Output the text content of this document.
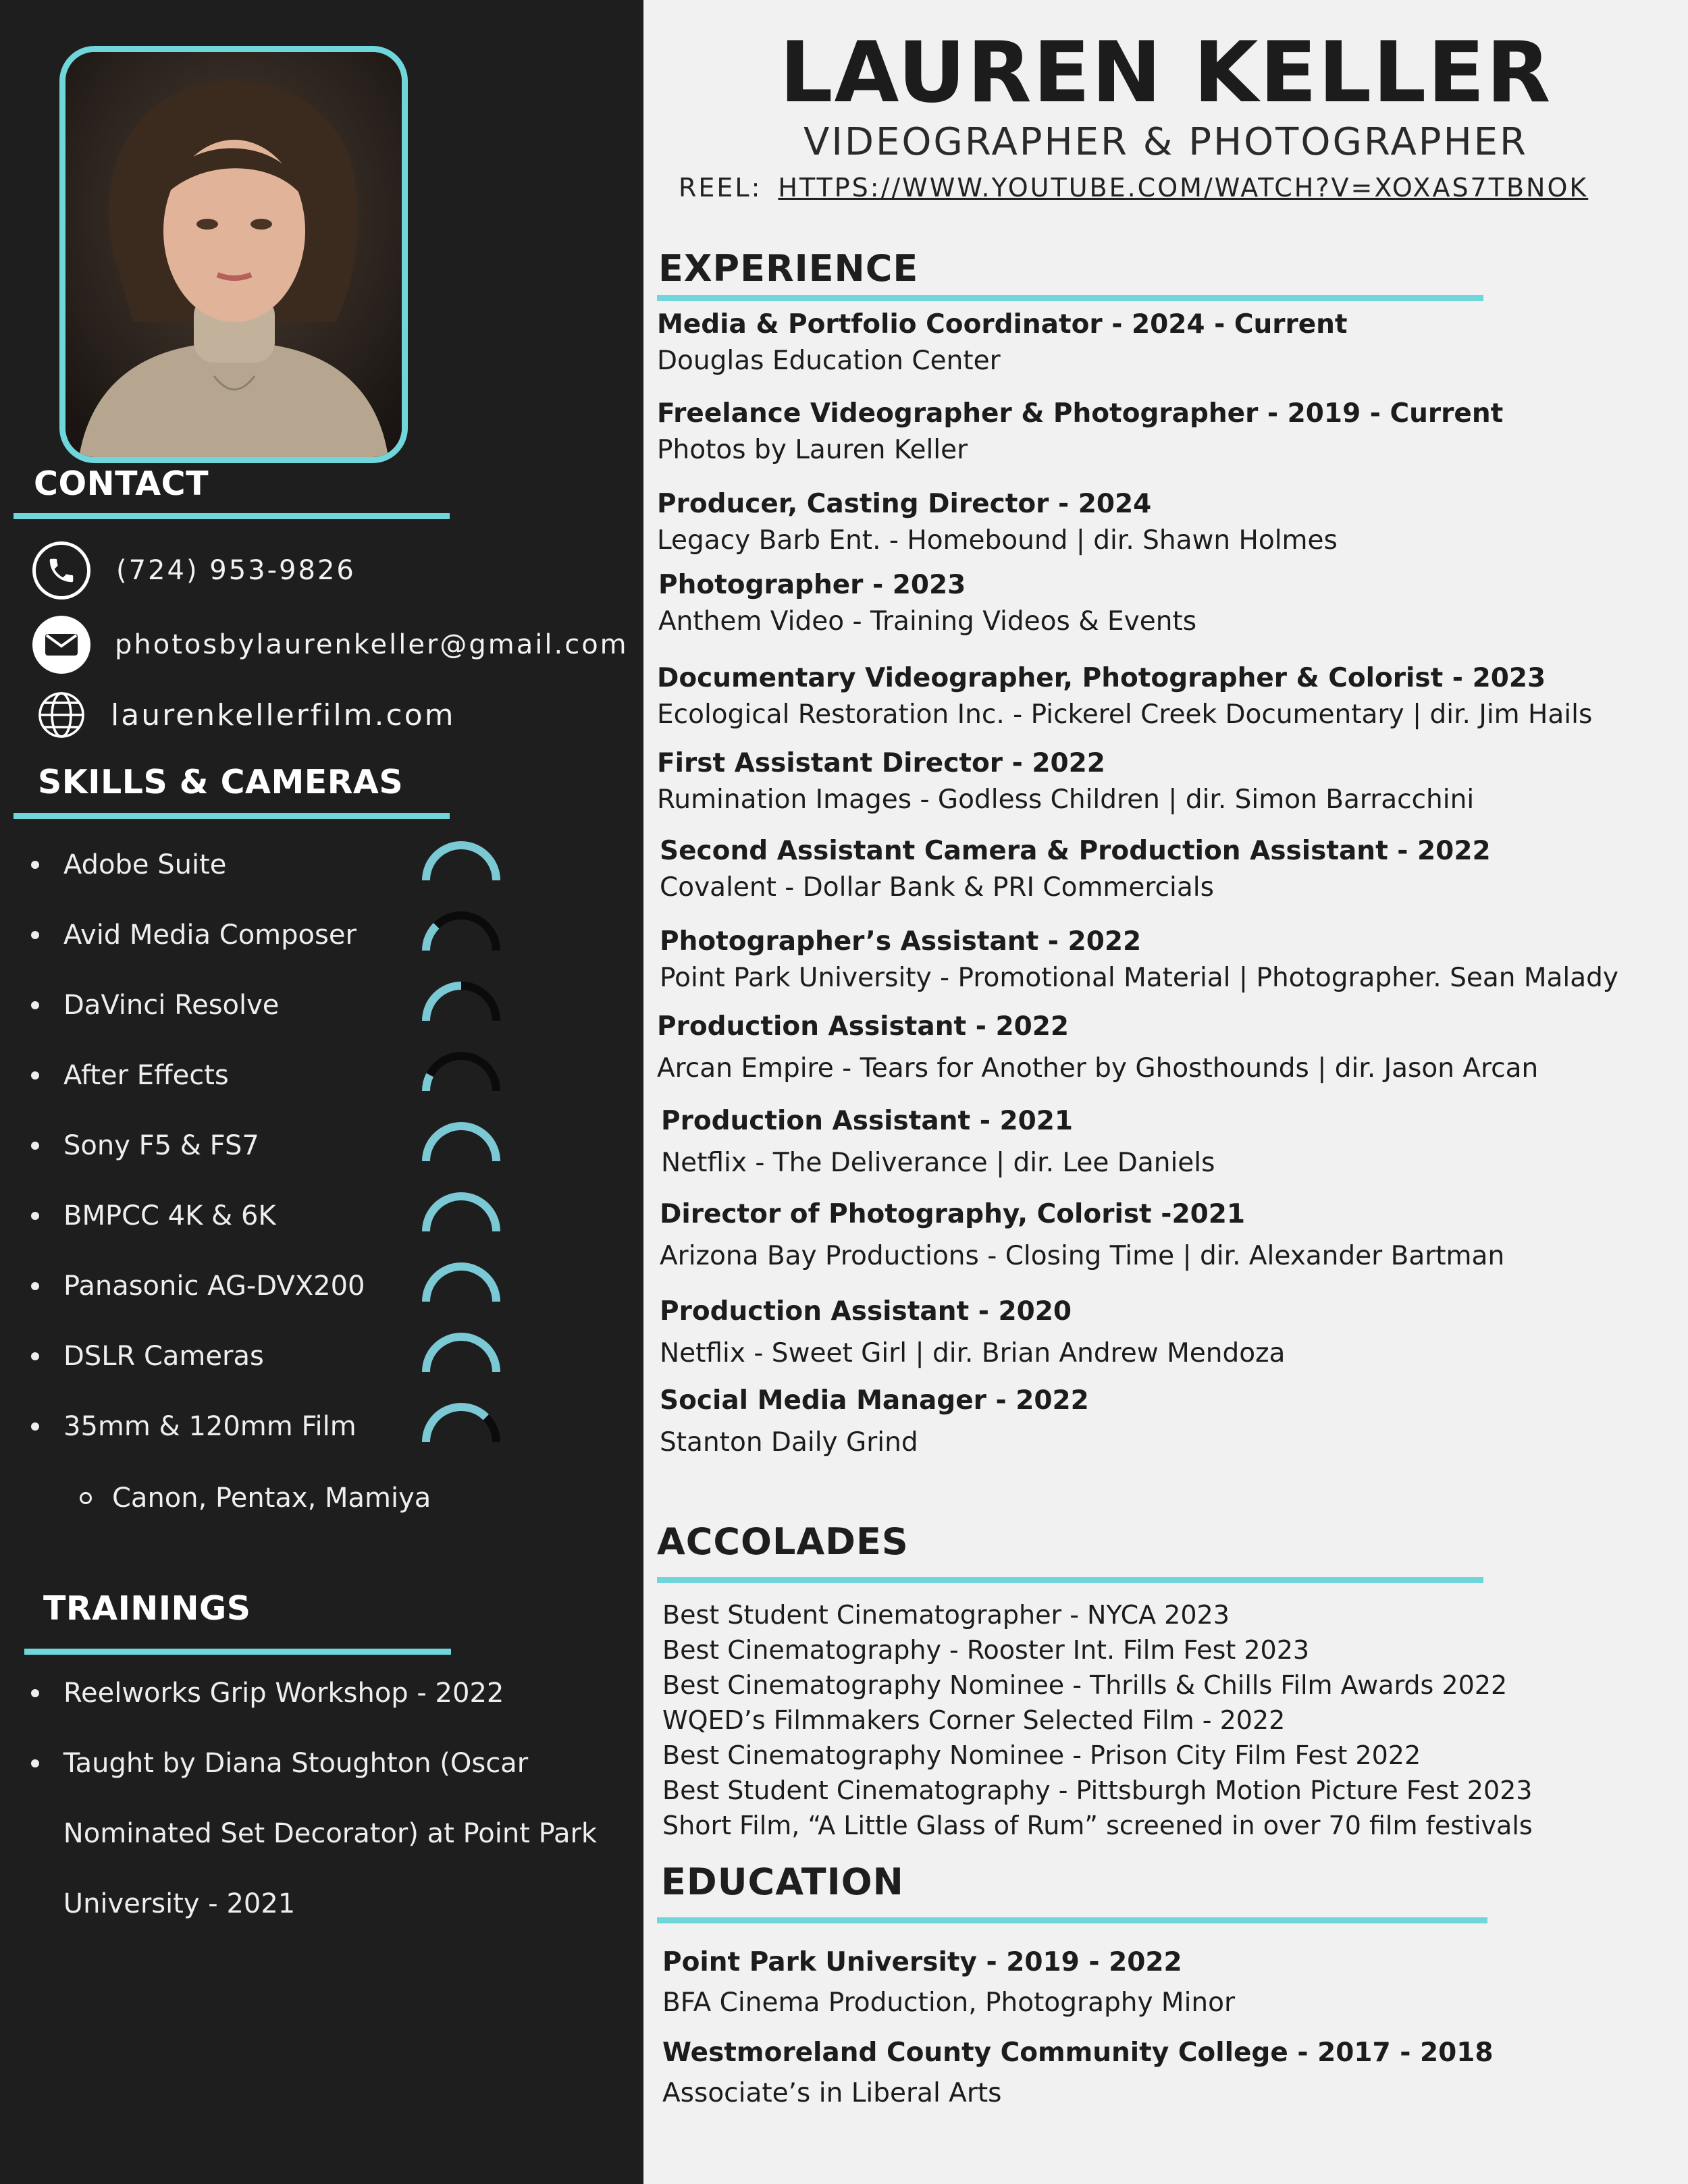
CONTACT
(724) 953-9826
photosbylaurenkeller@gmail.com
laurenkellerfilm.com
SKILLS & CAMERAS
Adobe Suite
Avid Media Composer
DaVinci Resolve
After Effects
Sony F5 & FS7
BMPCC 4K & 6K
Panasonic AG-DVX200
DSLR Cameras
35mm & 120mm Film
Canon, Pentax, Mamiya
TRAININGS
Reelworks Grip Workshop - 2022
Taught by Diana Stoughton (Oscar Nominated Set Decorator) at Point Park University - 2021
LAUREN KELLER
VIDEOGRAPHER & PHOTOGRAPHER
REEL: HTTPS://WWW.YOUTUBE.COM/WATCH?V=XOXAS7TBNOK
EXPERIENCE
Media & Portfolio Coordinator - 2024 - Current
Douglas Education Center
Freelance Videographer & Photographer - 2019 - Current
Photos by Lauren Keller
Producer, Casting Director - 2024
Legacy Barb Ent. - Homebound | dir. Shawn Holmes
Photographer - 2023
Anthem Video - Training Videos & Events
Documentary Videographer, Photographer & Colorist - 2023
Ecological Restoration Inc. - Pickerel Creek Documentary | dir. Jim Hails
First Assistant Director - 2022
Rumination Images - Godless Children | dir. Simon Barracchini
Second Assistant Camera & Production Assistant - 2022
Covalent - Dollar Bank & PRI Commercials
Photographer’s Assistant - 2022
Point Park University - Promotional Material | Photographer. Sean Malady
Production Assistant - 2022
Arcan Empire - Tears for Another by Ghosthounds | dir. Jason Arcan
Production Assistant - 2021
Netflix - The Deliverance | dir. Lee Daniels
Director of Photography, Colorist -2021
Arizona Bay Productions - Closing Time | dir. Alexander Bartman
Production Assistant - 2020
Netflix - Sweet Girl | dir. Brian Andrew Mendoza
Social Media Manager - 2022
Stanton Daily Grind
ACCOLADES
Best Student Cinematographer - NYCA 2023
Best Cinematography - Rooster Int. Film Fest 2023
Best Cinematography Nominee - Thrills & Chills Film Awards 2022
WQED’s Filmmakers Corner Selected Film - 2022
Best Cinematography Nominee - Prison City Film Fest 2022
Best Student Cinematography - Pittsburgh Motion Picture Fest 2023
Short Film, “A Little Glass of Rum” screened in over 70 film festivals
EDUCATION
Point Park University - 2019 - 2022
BFA Cinema Production, Photography Minor
Westmoreland County Community College - 2017 - 2018
Associate’s in Liberal Arts
